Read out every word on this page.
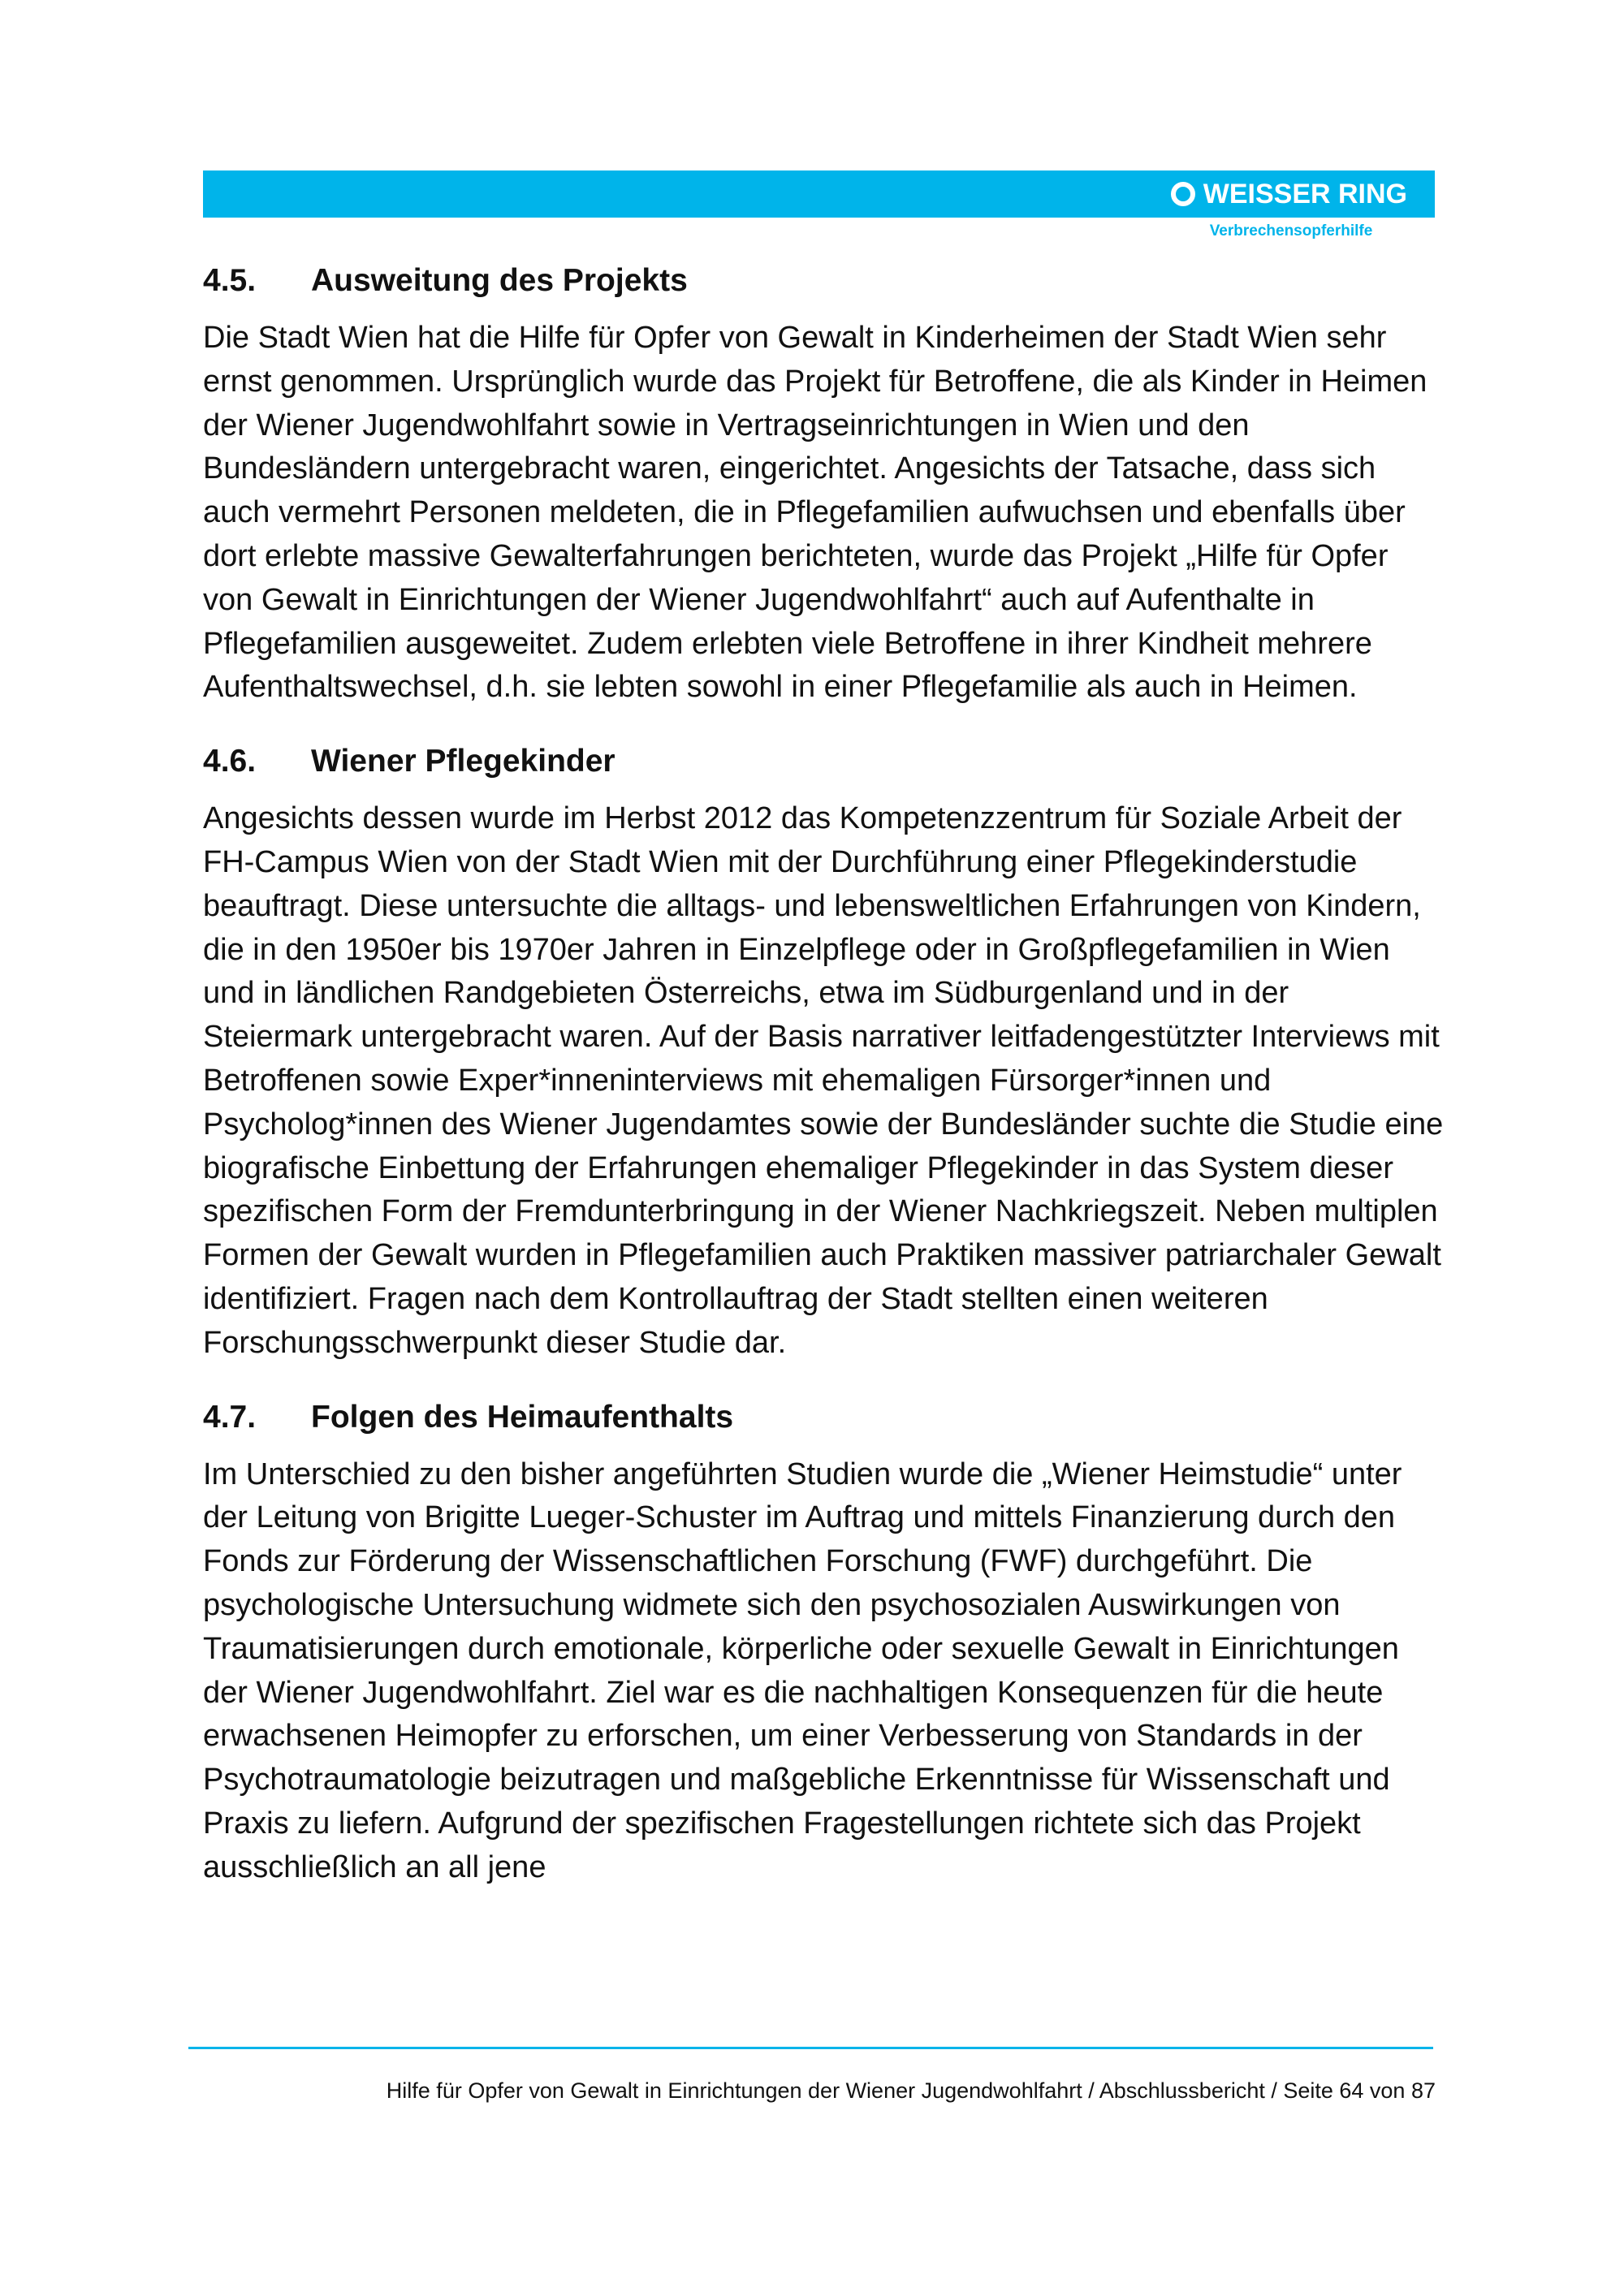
WEISSER RING
Verbrechensopferhilfe
4.5.	Ausweitung des Projekts

Die Stadt Wien hat die Hilfe für Opfer von Gewalt in Kinderheimen der Stadt Wien sehr ernst genommen. Ursprünglich wurde das Projekt für Betroffene, die als Kinder in Heimen der Wiener Jugendwohlfahrt sowie in Vertragseinrichtungen in Wien und den Bundesländern untergebracht waren, eingerichtet. Angesichts der Tatsache, dass sich auch vermehrt Personen meldeten, die in Pflegefamilien aufwuchsen und ebenfalls über dort erlebte massive Gewalterfahrungen berichteten, wurde das Projekt „Hilfe für Opfer von Gewalt in Einrichtungen der Wiener Jugendwohlfahrt“ auch auf Aufenthalte in Pflegefamilien ausgeweitet. Zudem erlebten viele Betroffene in ihrer Kindheit mehrere Aufenthaltswechsel, d.h. sie lebten sowohl in einer Pflegefamilie als auch in Heimen.

4.6.	Wiener Pflegekinder

Angesichts dessen wurde im Herbst 2012 das Kompetenzzentrum für Soziale Arbeit der FH-Campus Wien von der Stadt Wien mit der Durchführung einer Pflegekinderstudie beauftragt. Diese untersuchte die alltags- und lebensweltlichen Erfahrungen von Kindern, die in den 1950er bis 1970er Jahren in Einzelpflege oder in Großpflegefamilien in Wien und in ländlichen Randgebieten Österreichs, etwa im Südburgenland und in der Steiermark untergebracht waren. Auf der Basis narrativer leitfadengestützter Interviews mit Betroffenen sowie Exper*inneninterviews mit ehemaligen Fürsorger*innen und Psycholog*innen des Wiener Jugendamtes sowie der Bundesländer suchte die Studie eine biografische Einbettung der Erfahrungen ehemaliger Pflegekinder in das System dieser spezifischen Form der Fremdunterbringung in der Wiener Nachkriegszeit. Neben multiplen Formen der Gewalt wurden in Pflegefamilien auch Praktiken massiver patriarchaler Gewalt identifiziert. Fragen nach dem Kontrollauftrag der Stadt stellten einen weiteren Forschungsschwerpunkt dieser Studie dar.

4.7.	Folgen des Heimaufenthalts

Im Unterschied zu den bisher angeführten Studien wurde die „Wiener Heimstudie“ unter der Leitung von Brigitte Lueger-Schuster im Auftrag und mittels Finanzierung durch den Fonds zur Förderung der Wissenschaftlichen Forschung (FWF) durchgeführt. Die psychologische Untersuchung widmete sich den psychosozialen Auswirkungen von Traumatisierungen durch emotionale, körperliche oder sexuelle Gewalt in Einrichtungen der Wiener Jugendwohlfahrt. Ziel war es die nachhaltigen Konsequenzen für die heute erwachsenen Heimopfer zu erforschen, um einer Verbesserung von Standards in der Psychotraumatologie beizutragen und maßgebliche Erkenntnisse für Wissenschaft und Praxis zu liefern. Aufgrund der spezifischen Fragestellungen richtete sich das Projekt ausschließlich an all jene

Hilfe für Opfer von Gewalt in Einrichtungen der Wiener Jugendwohlfahrt / Abschlussbericht / Seite 64 von 87
